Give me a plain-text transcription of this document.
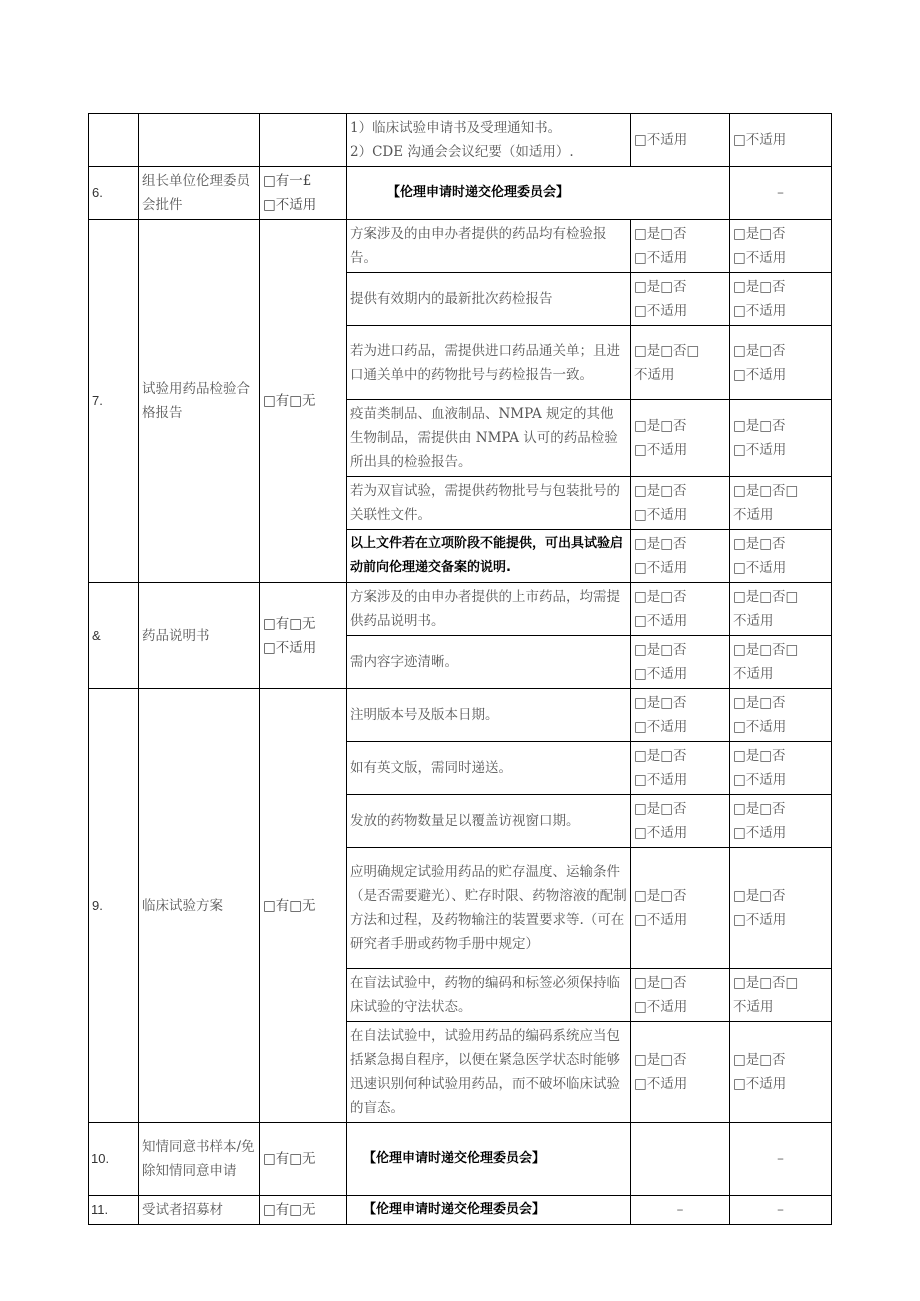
			1）临床试验申请书及受理通知书。
2）CDE 沟通会会议纪要（如适用）.	□不适用	□不适用
6.	组长单位伦理委员会批件	□有一£
□不适用	【伦理申请时递交伦理委员会】		–
7.	试验用药品检验合格报告	□有□无	方案涉及的由申办者提供的药品均有检验报告。	□是□否
□不适用	□是□否
□不适用

			提供有效期内的最新批次药检报告	□是□否
□不适用	□是□否
□不适用

			若为进口药品，需提供进口药品通关单；且进口通关单中的药物批号与药检报告一致。	□是□否□
不适用	□是□否
□不适用

			疫苗类制品、血液制品、NMPA 规定的其他生物制品，需提供由 NMPA 认可的药品检验所出具的检验报告。	□是□否
□不适用	□是□否
□不适用

			若为双盲试验，需提供药物批号与包装批号的关联性文件。	□是□否
□不适用	□是□否□
不适用

			以上文件若在立项阶段不能提供，可出具试验启动前向伦理递交备案的说明.	□是□否
□不适用	□是□否
□不适用

&	药品说明书	□有□无
□不适用	方案涉及的由申办者提供的上市药品，均需提供药品说明书。	□是□否
□不适用	□是□否□
不适用

			需内容字迹清晰。	□是□否
□不适用	□是□否□
不适用

9.	临床试验方案	□有□无	注明版本号及版本日期。	□是□否
□不适用	□是□否
□不适用

			如有英文版，需同时递送。	□是□否
□不适用	□是□否
□不适用

			发放的药物数量足以覆盖访视窗口期。	□是□否
□不适用	□是□否
□不适用

			应明确规定试验用药品的贮存温度、运输条件（是否需要避光）、贮存时限、药物溶液的配制方法和过程，及药物输注的装置要求等.（可在研究者手册或药物手册中规定）	□是□否
□不适用	□是□否
□不适用

			在盲法试验中，药物的编码和标签必须保持临床试验的守法状态。	□是□否
□不适用	□是□否□
不适用

			在自法试验中，试验用药品的编码系统应当包括紧急揭自程序，以便在紧急医学状态时能够迅速识别何种试验用药品，而不破坏临床试验的盲态。	□是□否
□不适用	□是□否
□不适用

10.	知情同意书样本/免除知情同意申请	□有□无	【伦理申请时递交伦理委员会】		–
11.	受试者招募材	□有□无	【伦理申请时递交伦理委员会】	–	–
